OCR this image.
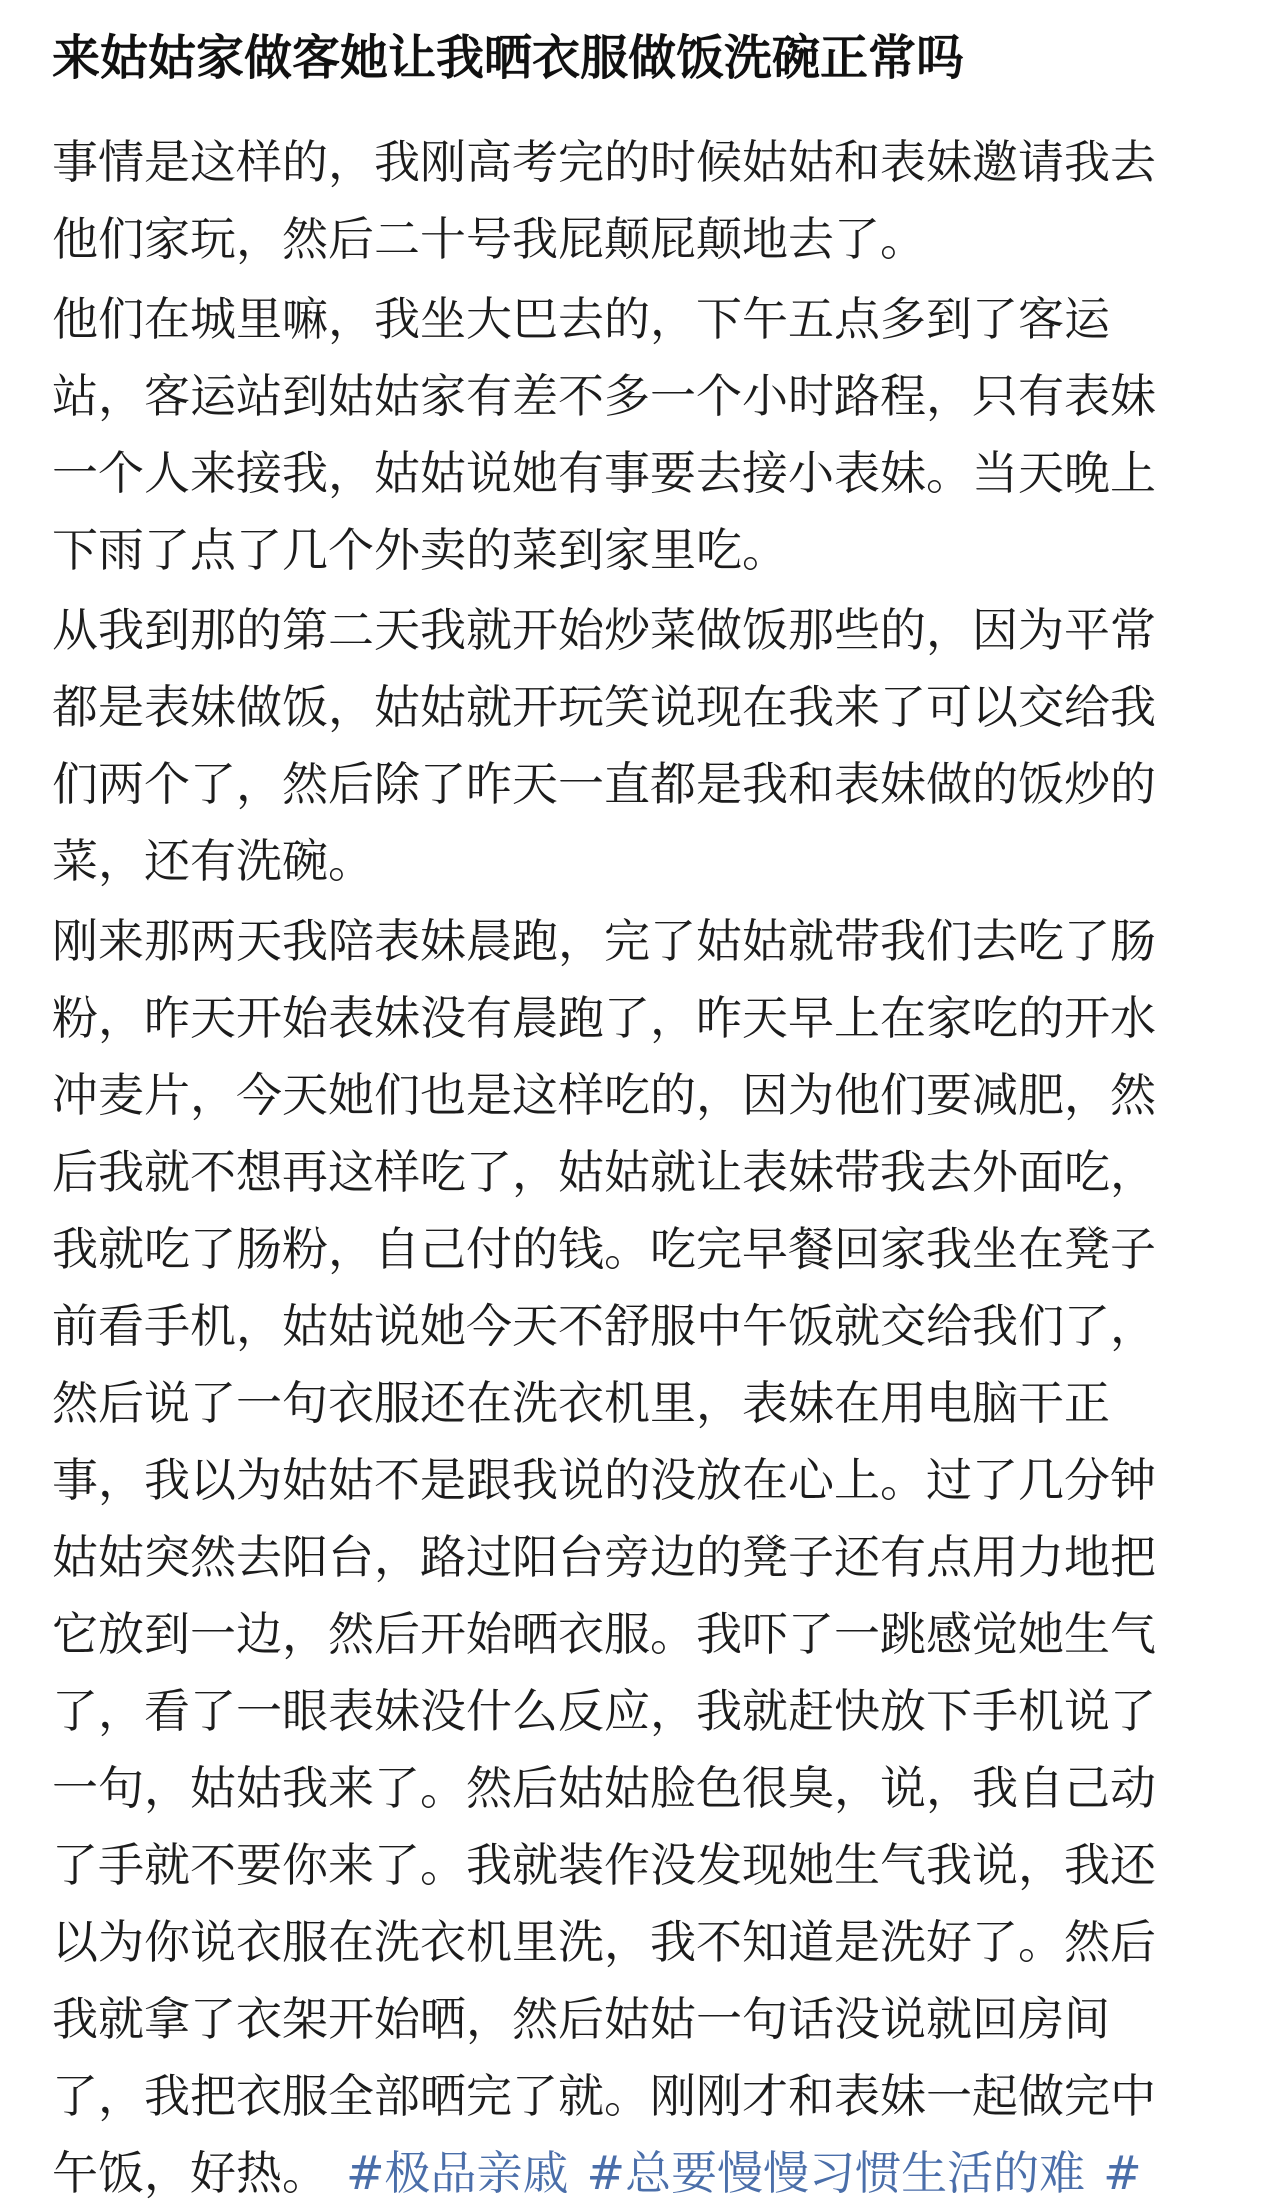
来姑姑家做客她让我晒衣服做饭洗碗正常吗
事情是这样的，我刚高考完的时候姑姑和表妹邀请我去
他们家玩，然后二十号我屁颠屁颠地去了。
他们在城里嘛，我坐大巴去的，下午五点多到了客运
站，客运站到姑姑家有差不多一个小时路程，只有表妹
一个人来接我，姑姑说她有事要去接小表妹。当天晚上
下雨了点了几个外卖的菜到家里吃。
从我到那的第二天我就开始炒菜做饭那些的，因为平常
都是表妹做饭，姑姑就开玩笑说现在我来了可以交给我
们两个了，然后除了昨天一直都是我和表妹做的饭炒的
菜，还有洗碗。
刚来那两天我陪表妹晨跑，完了姑姑就带我们去吃了肠
粉，昨天开始表妹没有晨跑了，昨天早上在家吃的开水
冲麦片，今天她们也是这样吃的，因为他们要减肥，然
后我就不想再这样吃了，姑姑就让表妹带我去外面吃，
我就吃了肠粉，自己付的钱。吃完早餐回家我坐在凳子
前看手机，姑姑说她今天不舒服中午饭就交给我们了，
然后说了一句衣服还在洗衣机里，表妹在用电脑干正
事，我以为姑姑不是跟我说的没放在心上。过了几分钟
姑姑突然去阳台，路过阳台旁边的凳子还有点用力地把
它放到一边，然后开始晒衣服。我吓了一跳感觉她生气
了，看了一眼表妹没什么反应，我就赶快放下手机说了
一句，姑姑我来了。然后姑姑脸色很臭，说，我自己动
了手就不要你来了。我就装作没发现她生气我说，我还
以为你说衣服在洗衣机里洗，我不知道是洗好了。然后
我就拿了衣架开始晒，然后姑姑一句话没说就回房间
了，我把衣服全部晒完了就。刚刚才和表妹一起做完中
午饭，好热。 #极品亲戚 #总要慢慢习惯生活的难 #
